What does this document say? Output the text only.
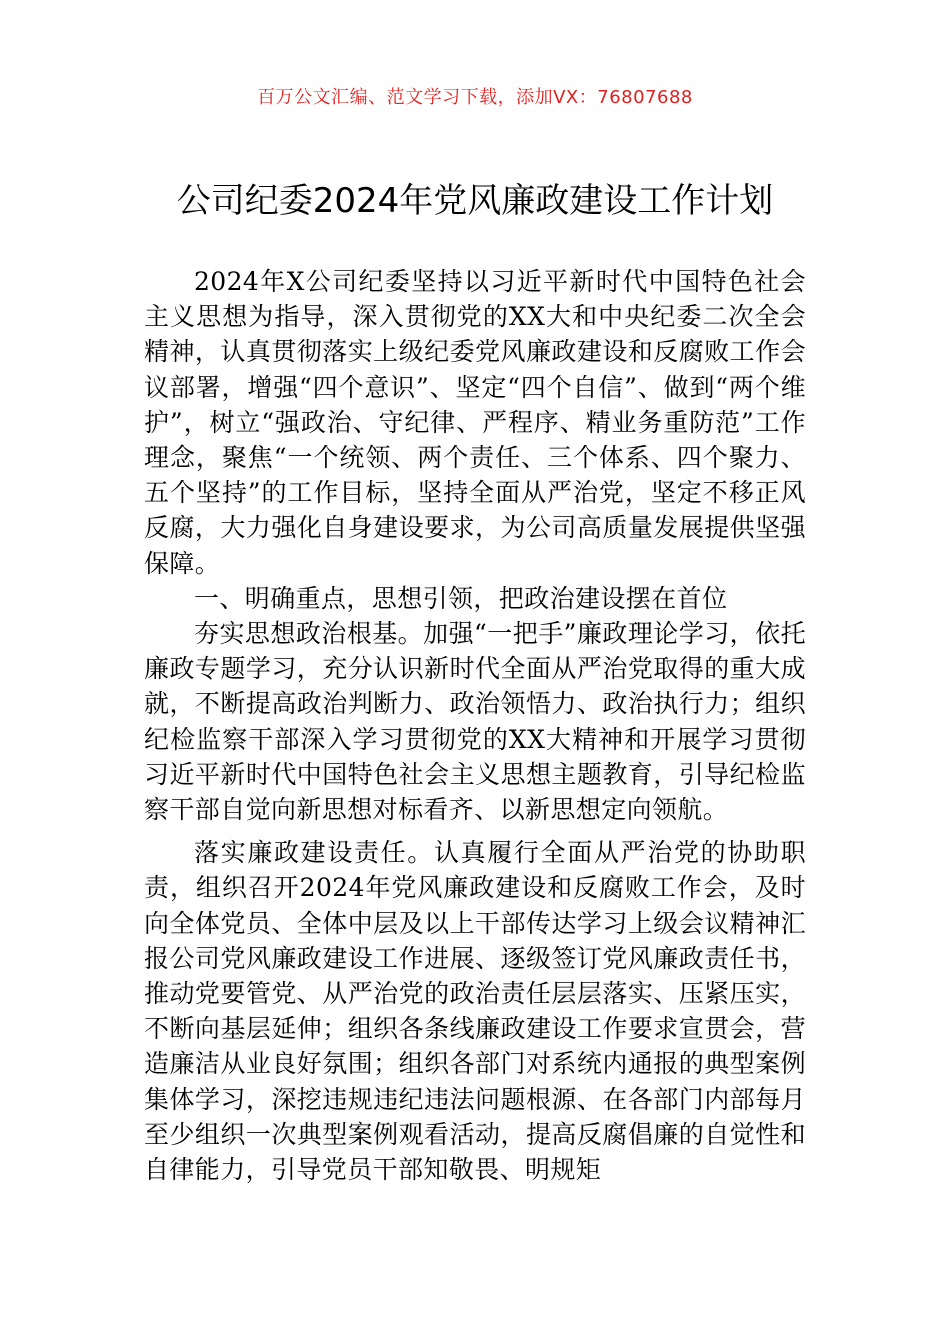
百万公文汇编、范文学习下载，添加VX：76807688
公司纪委2024年党风廉政建设工作计划

2024年X公司纪委坚持以习近平新时代中国特色社会主义思想为指导，深入贯彻党的XX大和中央纪委二次全会精神，认真贯彻落实上级纪委党风廉政建设和反腐败工作会议部署，增强“四个意识”、坚定“四个自信”、做到“两个维护”，树立“强政治、守纪律、严程序、精业务重防范”工作理念，聚焦“一个统领、两个责任、三个体系、四个聚力、五个坚持”的工作目标，坚持全面从严治党，坚定不移正风反腐，大力强化自身建设要求，为公司高质量发展提供坚强保障。

一、明确重点，思想引领，把政治建设摆在首位

夯实思想政治根基。加强“一把手”廉政理论学习，依托廉政专题学习，充分认识新时代全面从严治党取得的重大成就，不断提高政治判断力、政治领悟力、政治执行力；组织纪检监察干部深入学习贯彻党的XX大精神和开展学习贯彻习近平新时代中国特色社会主义思想主题教育，引导纪检监察干部自觉向新思想对标看齐、以新思想定向领航。

落实廉政建设责任。认真履行全面从严治党的协助职责，组织召开2024年党风廉政建设和反腐败工作会，及时向全体党员、全体中层及以上干部传达学习上级会议精神汇报公司党风廉政建设工作进展、逐级签订党风廉政责任书，推动党要管党、从严治党的政治责任层层落实、压紧压实，不断向基层延伸；组织各条线廉政建设工作要求宣贯会，营造廉洁从业良好氛围；组织各部门对系统内通报的典型案例集体学习，深挖违规违纪违法问题根源、在各部门内部每月至少组织一次典型案例观看活动，提高反腐倡廉的自觉性和自律能力，引导党员干部知敬畏、明规矩
